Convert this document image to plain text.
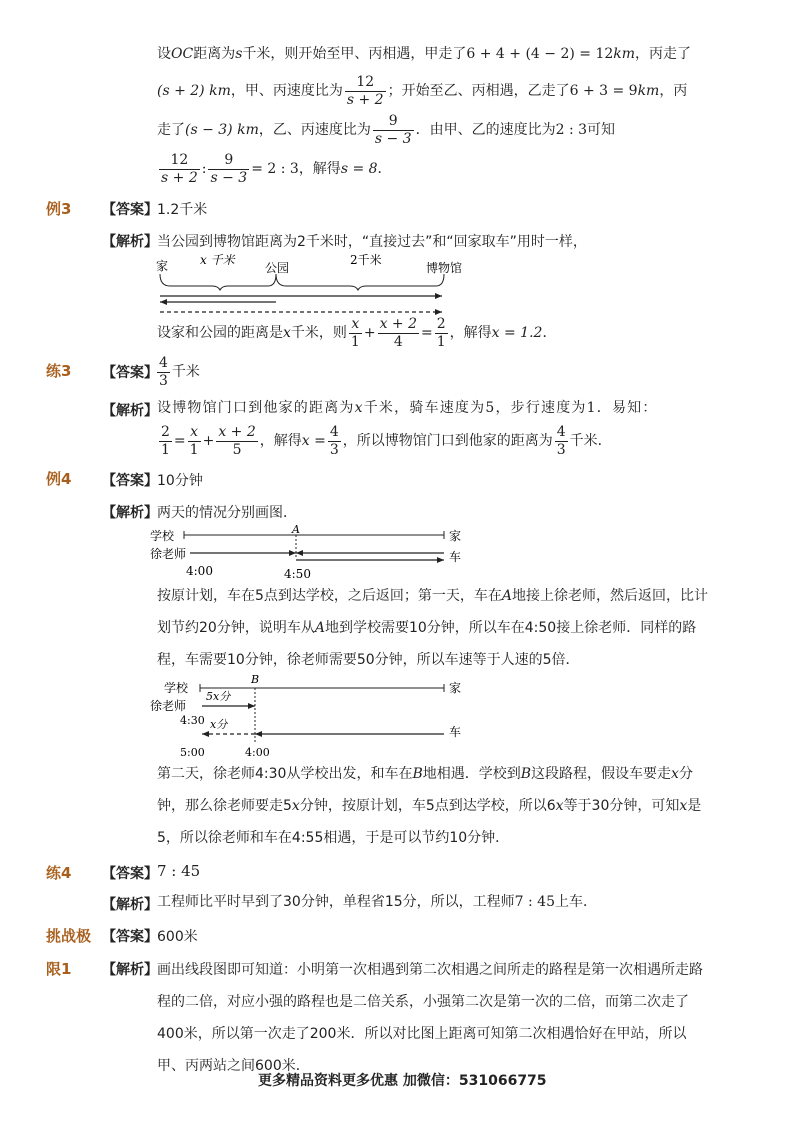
设OC距离为s千米，则开始至甲、丙相遇，甲走了6 + 4 + (4 − 2) = 12km，丙走了
(s + 2) km，甲、丙速度比为 $\frac{12}{s + 2}$ ；开始至乙、丙相遇，乙走了6 + 3 = 9km，丙
走了(s − 3) km，乙、丙速度比为 $\frac{9}{s - 3}$ ．由甲、乙的速度比为2 : 3可知
$\frac{12}{s + 2}$ : $\frac{9}{s - 3} = 2$ : 3，解得s = 8．
例3 【答案】 1.2千米
【解析】 当公园到博物馆距离为2千米时，“直接过去”和“回家取车”用时一样，
家	x 千米
公园
2千米
博物馆
设家和公园的距离是x千米，则 $\frac{x}{1} + \frac{x + 2}{4} = \frac{2}{1}$ ，解得x = 1.2．
练3 【答案】 $\frac{4}{3}$ 千米
【解析】 设博物馆门口到他家的距离为x千米，骑车速度为5，步行速度为1．易知：
$\frac{2}{1} = \frac{x}{1} + \frac{x + 2}{5}$ ，解得$x = \frac{4}{3}$ ，所以博物馆门口到他家的距离为 $\frac{4}{3}$ 千米．
例4 【答案】 10分钟
【解析】 两天的情况分别画图．
学校	A	家
徐老师	车
4:00	4:50
按原计划，车在5点到达学校，之后返回；第一天，车在A地接上徐老师，然后返回，比计
划节约20分钟，说明车从A地到学校需要10分钟，所以车在4:50接上徐老师．同样的路
程，车需要10分钟，徐老师需要50分钟，所以车速等于人速的5倍．
学校
B
家
5x分
徐老师
4:30 x分
车
5:00	4:00
第二天，徐老师4:30从学校出发，和车在B地相遇．学校到B这段路程，假设车要走x分
钟，那么徐老师要走5x分钟，按原计划，车5点到达学校，所以6x等于30分钟，可知x是
5，所以徐老师和车在4:55相遇，于是可以节约10分钟．
练4 【答案】 7 : 45
【解析】 工程师比平时早到了30分钟，单程省15分，所以，工程师7 : 45上车．
挑战极 【答案】 600米
限1 【解析】 画出线段图即可知道：小明第一次相遇到第二次相遇之间所走的路程是第一次相遇所走路
程的二倍，对应小强的路程也是二倍关系，小强第二次是第一次的二倍，而第二次走了
400米，所以第一次走了200米．所以对比图上距离可知第二次相遇恰好在甲站，所以
甲、丙两站之间600米．
更多精品资料更多优惠 加微信：531066775
